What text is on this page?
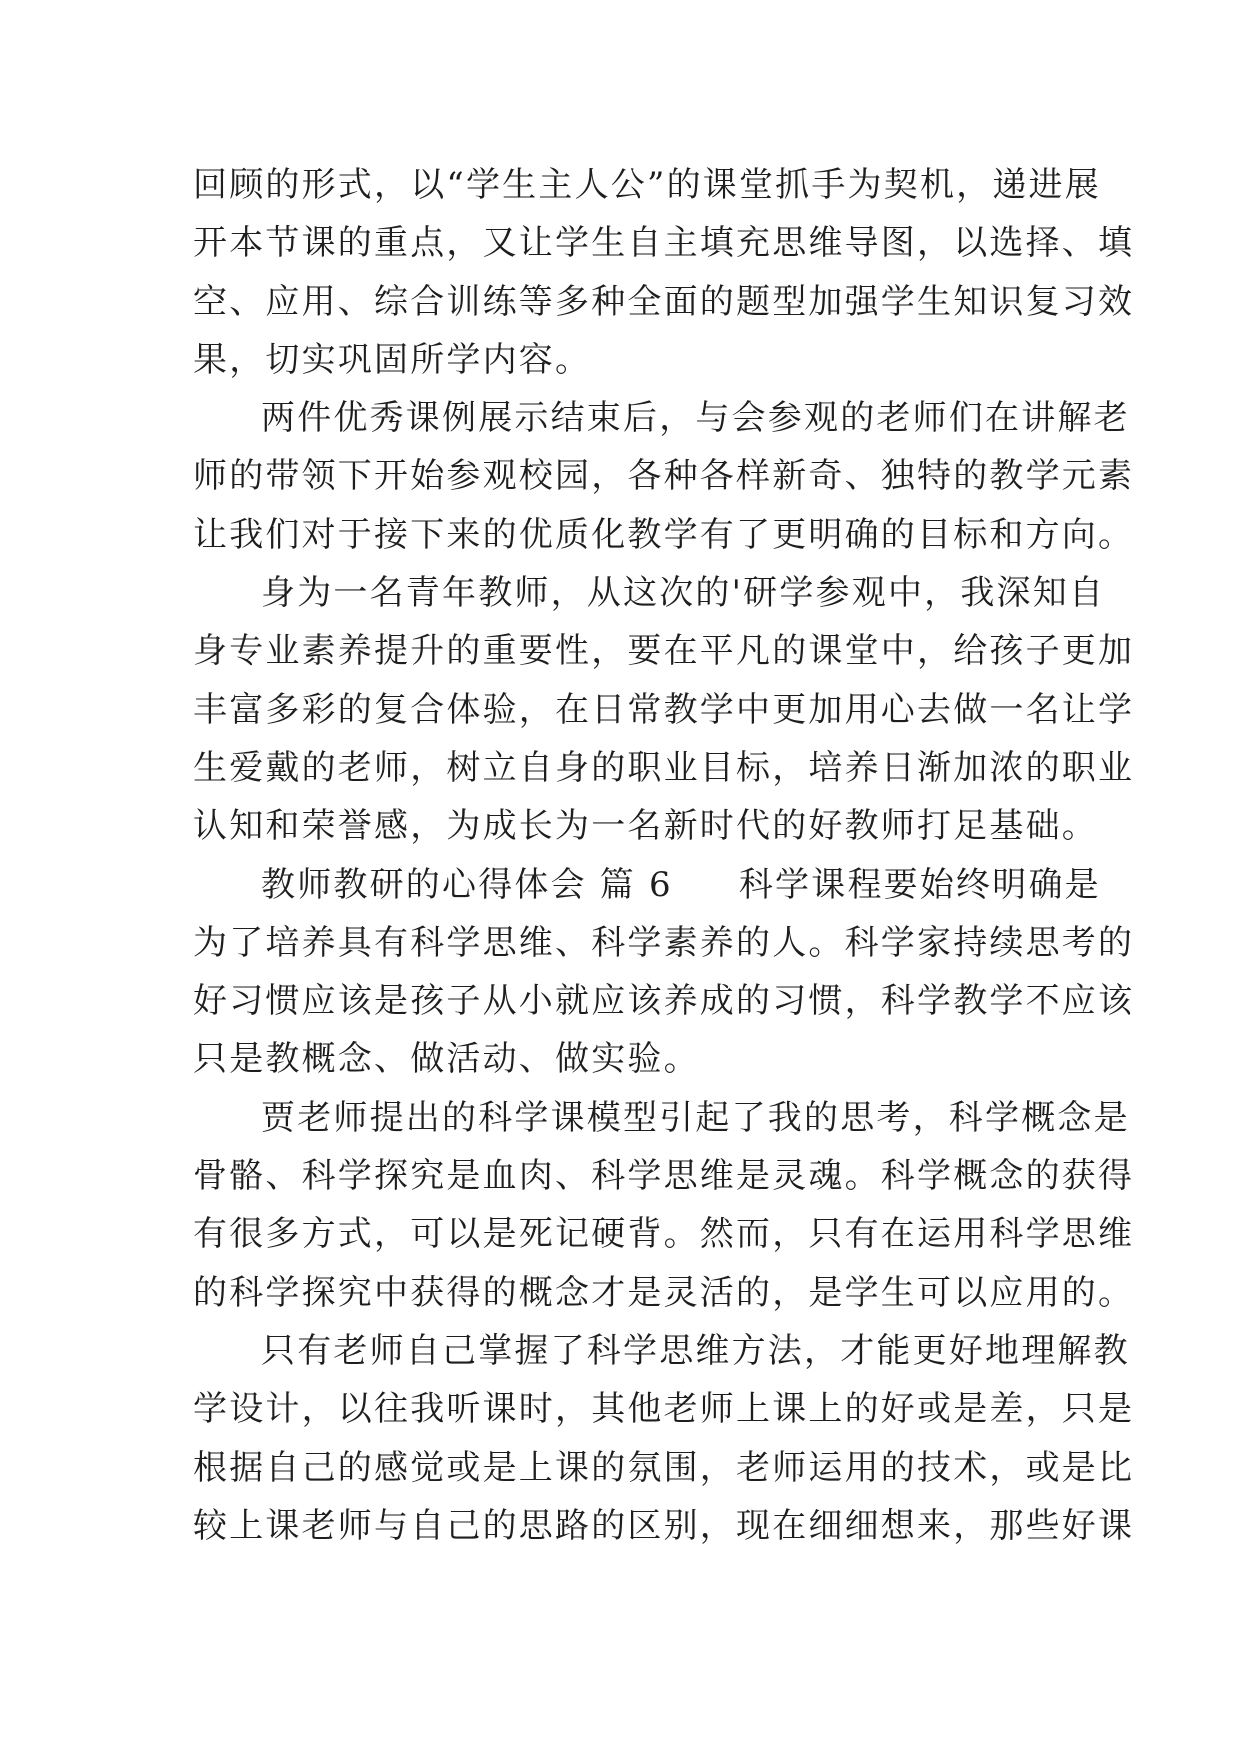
回顾的形式，以“学生主人公”的课堂抓手为契机，递进展
开本节课的重点，又让学生自主填充思维导图，以选择、填
空、应用、综合训练等多种全面的题型加强学生知识复习效
果，切实巩固所学内容。
两件优秀课例展示结束后，与会参观的老师们在讲解老
师的带领下开始参观校园，各种各样新奇、独特的教学元素
让我们对于接下来的优质化教学有了更明确的目标和方向。
身为一名青年教师，从这次的'研学参观中，我深知自
身专业素养提升的重要性，要在平凡的课堂中，给孩子更加
丰富多彩的复合体验，在日常教学中更加用心去做一名让学
生爱戴的老师，树立自身的职业目标，培养日渐加浓的职业
认知和荣誉感，为成长为一名新时代的好教师打足基础。
教师教研的心得体会 篇 6 科学课程要始终明确是
为了培养具有科学思维、科学素养的人。科学家持续思考的
好习惯应该是孩子从小就应该养成的习惯，科学教学不应该
只是教概念、做活动、做实验。
贾老师提出的科学课模型引起了我的思考，科学概念是
骨骼、科学探究是血肉、科学思维是灵魂。科学概念的获得
有很多方式，可以是死记硬背。然而，只有在运用科学思维
的科学探究中获得的概念才是灵活的，是学生可以应用的。
只有老师自己掌握了科学思维方法，才能更好地理解教
学设计，以往我听课时，其他老师上课上的好或是差，只是
根据自己的感觉或是上课的氛围，老师运用的技术，或是比
较上课老师与自己的思路的区别，现在细细想来，那些好课
